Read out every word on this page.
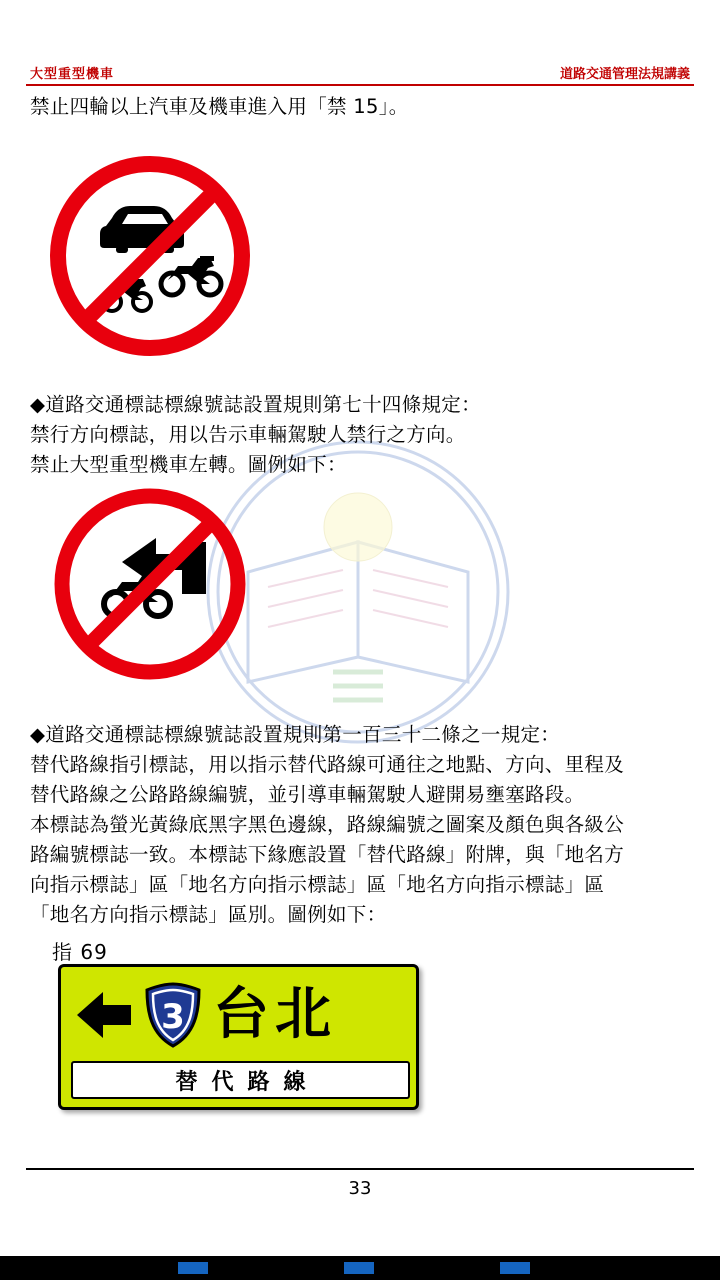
大型重型機車	道路交通管理法規講義
禁止四輪以上汽車及機車進入用「禁 15」。
◆道路交通標誌標線號誌設置規則第七十四條規定：
禁行方向標誌，用以告示車輛駕駛人禁行之方向。
禁止大型重型機車左轉。圖例如下：
◆道路交通標誌標線號誌設置規則第一百三十二條之一規定：
替代路線指引標誌，用以指示替代路線可通往之地點、方向、里程及
替代路線之公路路線編號，並引導車輛駕駛人避開易壅塞路段。
本標誌為螢光黃綠底黑字黑色邊線，路線編號之圖案及顏色與各級公
路編號標誌一致。本標誌下緣應設置「替代路線」附牌，與「地名方
向指示標誌」區「地名方向指示標誌」區「地名方向指示標誌」區
「地名方向指示標誌」區別。圖例如下：
指 69
3 台北
替代路線
33
